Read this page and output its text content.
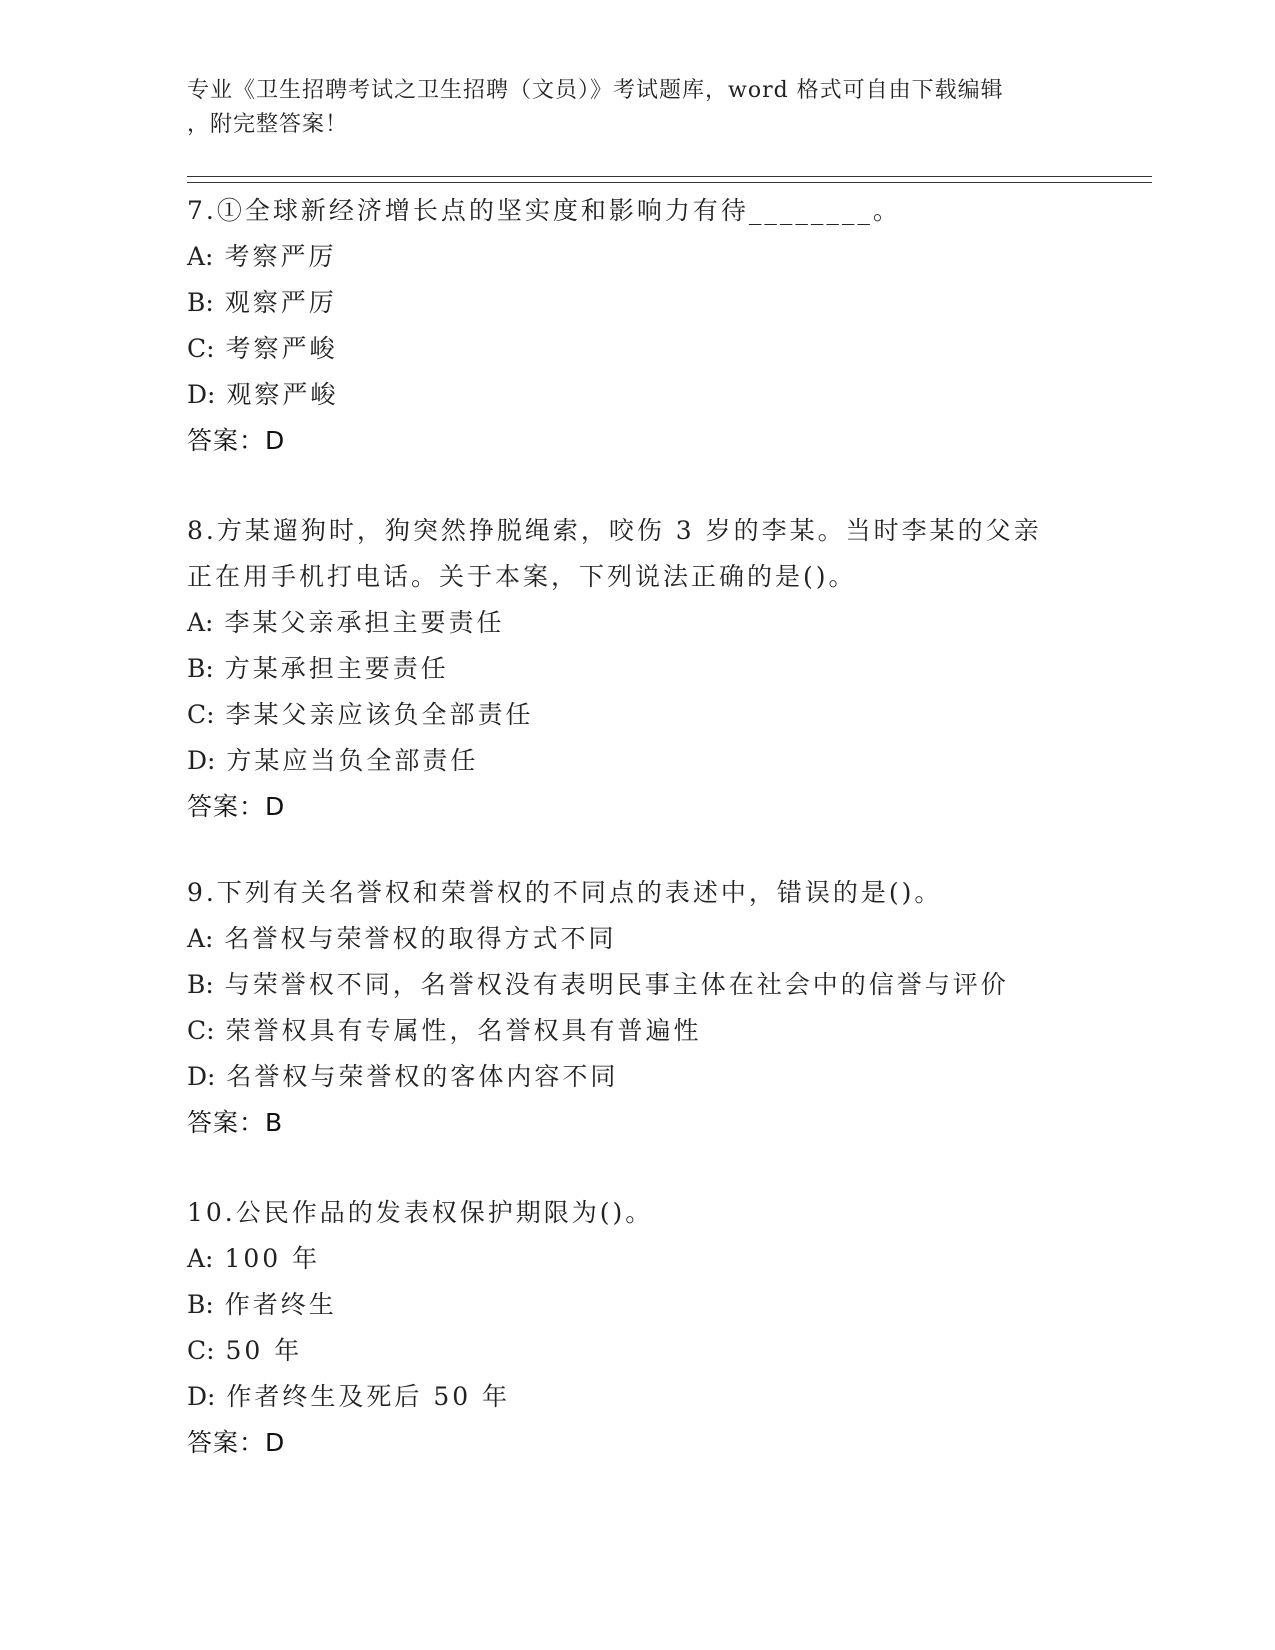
专业《卫生招聘考试之卫生招聘（文员）》考试题库，word 格式可自由下载编辑
，附完整答案！
7.①全球新经济增长点的坚实度和影响力有待________。
A: 考察严厉
B: 观察严厉
C: 考察严峻
D: 观察严峻
答案：D
8.方某遛狗时，狗突然挣脱绳索，咬伤 3 岁的李某。当时李某的父亲
正在用手机打电话。关于本案，下列说法正确的是()。
A: 李某父亲承担主要责任
B: 方某承担主要责任
C: 李某父亲应该负全部责任
D: 方某应当负全部责任
答案：D
9.下列有关名誉权和荣誉权的不同点的表述中，错误的是()。
A: 名誉权与荣誉权的取得方式不同
B: 与荣誉权不同，名誉权没有表明民事主体在社会中的信誉与评价
C: 荣誉权具有专属性，名誉权具有普遍性
D: 名誉权与荣誉权的客体内容不同
答案：B
10.公民作品的发表权保护期限为()。
A: 100 年
B: 作者终生
C: 50 年
D: 作者终生及死后 50 年
答案：D
